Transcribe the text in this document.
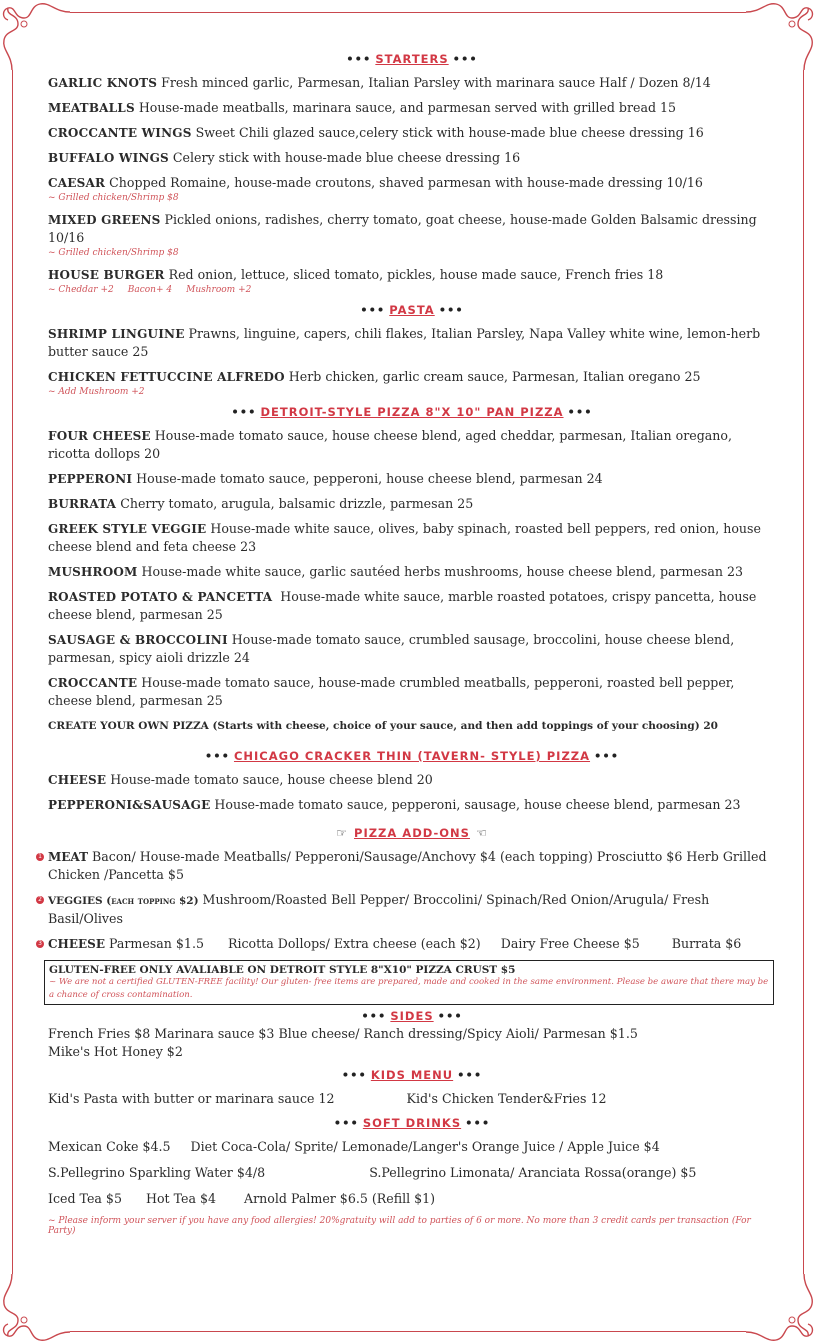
••• STARTERS •••
GARLIC KNOTS Fresh minced garlic, Parmesan, Italian Parsley with marinara sauce Half / Dozen 8/14
MEATBALLS House-made meatballs, marinara sauce, and parmesan served with grilled bread 15
CROCCANTE WINGS Sweet Chili glazed sauce,celery stick with house-made blue cheese dressing 16
BUFFALO WINGS Celery stick with house-made blue cheese dressing 16
CAESAR Chopped Romaine, house-made croutons, shaved parmesan with house-made dressing 10/16
~ Grilled chicken/Shrimp $8
MIXED GREENS Pickled onions, radishes, cherry tomato, goat cheese, house-made Golden Balsamic dressing 10/16
~ Grilled chicken/Shrimp $8
HOUSE BURGER Red onion, lettuce, sliced tomato, pickles, house made sauce, French fries 18
~ Cheddar +2 Bacon+ 4 Mushroom +2
••• PASTA •••
SHRIMP LINGUINE Prawns, linguine, capers, chili flakes, Italian Parsley, Napa Valley white wine, lemon-herb butter sauce 25
CHICKEN FETTUCCINE ALFREDO Herb chicken, garlic cream sauce, Parmesan, Italian oregano 25
~ Add Mushroom +2
••• DETROIT-STYLE PIZZA 8"X 10" PAN PIZZA •••
FOUR CHEESE House-made tomato sauce, house cheese blend, aged cheddar, parmesan, Italian oregano, ricotta dollops 20
PEPPERONI House-made tomato sauce, pepperoni, house cheese blend, parmesan 24
BURRATA Cherry tomato, arugula, balsamic drizzle, parmesan 25
GREEK STYLE VEGGIE House-made white sauce, olives, baby spinach, roasted bell peppers, red onion, house cheese blend and feta cheese 23
MUSHROOM House-made white sauce, garlic sautéed herbs mushrooms, house cheese blend, parmesan 23
ROASTED POTATO & PANCETTA House-made white sauce, marble roasted potatoes, crispy pancetta, house cheese blend, parmesan 25
SAUSAGE & BROCCOLINI House-made tomato sauce, crumbled sausage, broccolini, house cheese blend, parmesan, spicy aioli drizzle 24
CROCCANTE House-made tomato sauce, house-made crumbled meatballs, pepperoni, roasted bell pepper, cheese blend, parmesan 25
CREATE YOUR OWN PIZZA (Starts with cheese, choice of your sauce, and then add toppings of your choosing) 20
••• CHICAGO CRACKER THIN (TAVERN- STYLE) PIZZA •••
CHEESE House-made tomato sauce, house cheese blend 20
PEPPERONI&SAUSAGE House-made tomato sauce, pepperoni, sausage, house cheese blend, parmesan 23
☞ PIZZA ADD-ONS ☜
1 MEAT Bacon/ House-made Meatballs/ Pepperoni/Sausage/Anchovy $4 (each topping) Prosciutto $6 Herb Grilled Chicken /Pancetta $5
2 VEGGIES (each topping $2) Mushroom/Roasted Bell Pepper/ Broccolini/ Spinach/Red Onion/Arugula/ Fresh Basil/Olives
3 CHEESE Parmesan $1.5      Ricotta Dollops/ Extra cheese (each $2)     Dairy Free Cheese $5        Burrata $6
GLUTEN-FREE ONLY AVALIABLE ON DETROIT STYLE 8"X10" PIZZA CRUST $5
~ We are not a certified GLUTEN-FREE facility! Our gluten- free items are prepared, made and cooked in the same environment. Please be aware that there may be a chance of cross contamination.
••• SIDES •••
French Fries $8 Marinara sauce $3 Blue cheese/ Ranch dressing/Spicy Aioli/ Parmesan $1.5 Mike's Hot Honey $2
••• KIDS MENU •••
Kid's Pasta with butter or marinara sauce 12                  Kid's Chicken Tender&Fries 12
••• SOFT DRINKS •••
Mexican Coke $4.5     Diet Coca-Cola/ Sprite/ Lemonade/Langer's Orange Juice / Apple Juice $4
S.Pellegrino Sparkling Water $4/8                          S.Pellegrino Limonata/ Aranciata Rossa(orange) $5
Iced Tea $5      Hot Tea $4       Arnold Palmer $6.5 (Refill $1)
~ Please inform your server if you have any food allergies! 20%gratuity will add to parties of 6 or more. No more than 3 credit cards per transaction (For Party)
